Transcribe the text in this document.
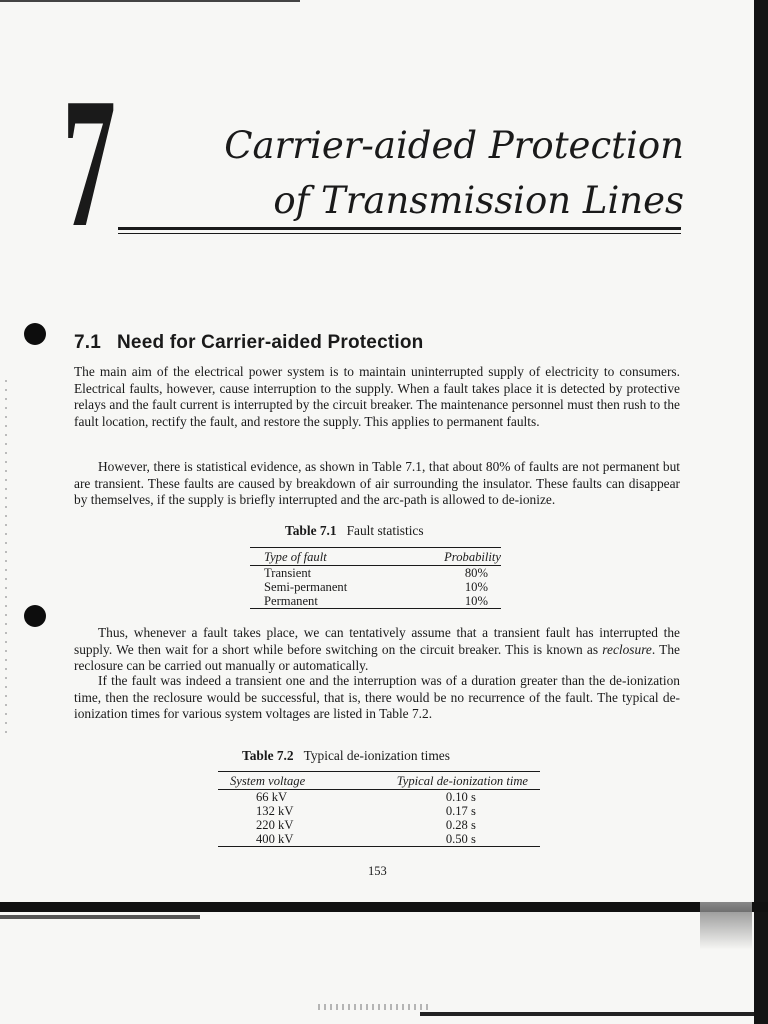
7	Carrier-aided Protection
of Transmission Lines
7.1 Need for Carrier-aided Protection

The main aim of the electrical power system is to maintain uninterrupted supply of electricity to consumers. Electrical faults, however, cause interruption to the supply. When a fault takes place it is detected by protective relays and the fault current is interrupted by the circuit breaker. The maintenance personnel must then rush to the fault location, rectify the fault, and restore the supply. This applies to permanent faults.

However, there is statistical evidence, as shown in Table 7.1, that about 80% of faults are not permanent but are transient. These faults are caused by breakdown of air surrounding the insulator. These faults can disappear by themselves, if the supply is briefly interrupted and the arc-path is allowed to de-ionize.

Table 7.1 Fault statistics
Type of fault	Probability
Transient	80%
Semi-permanent	10%
Permanent	10%

Thus, whenever a fault takes place, we can tentatively assume that a transient fault has interrupted the supply. We then wait for a short while before switching on the circuit breaker. This is known as reclosure. The reclosure can be carried out manually or automatically.

If the fault was indeed a transient one and the interruption was of a duration greater than the de-ionization time, then the reclosure would be successful, that is, there would be no recurrence of the fault. The typical de-ionization times for various system voltages are listed in Table 7.2.

Table 7.2 Typical de-ionization times
System voltage	Typical de-ionization time
66 kV	0.10 s
132 kV	0.17 s
220 kV	0.28 s
400 kV	0.50 s
153
